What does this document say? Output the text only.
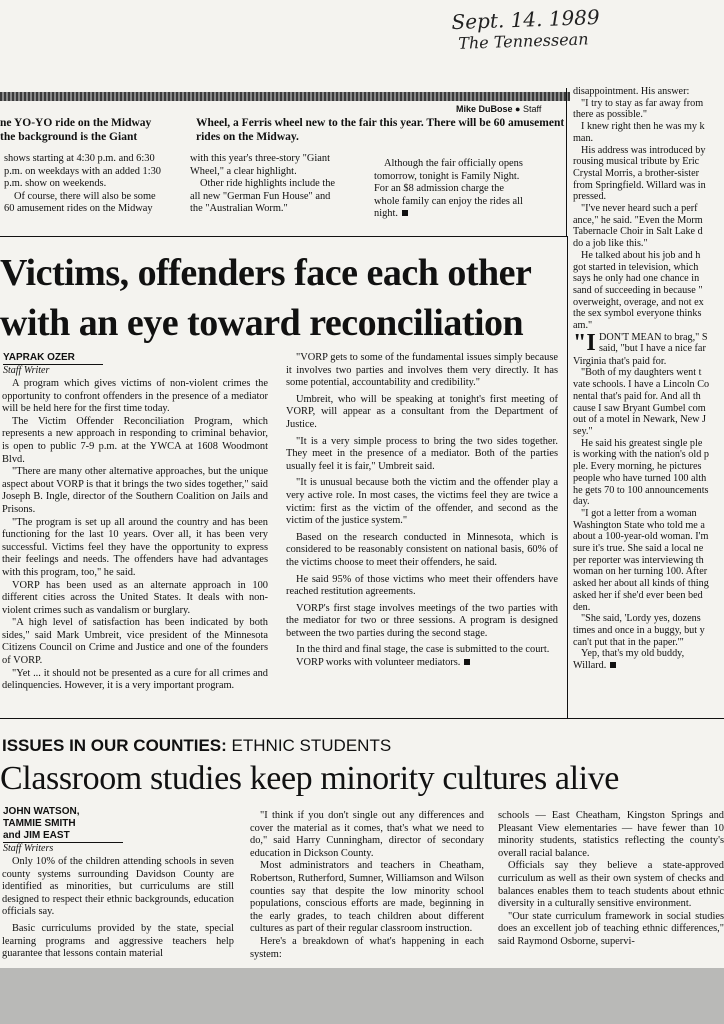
Sept. 14. 1989
The Tennessean
Mike DuBose ● Staff
ne YO-YO ride on the Midway
the background is the Giant
Wheel, a Ferris wheel new to the fair this year. There will be 60 amusement rides on the Midway.
shows starting at 4:30 p.m. and 6:30
p.m. on weekdays with an added 1:30
p.m. show on weekends.
Of course, there will also be some
60 amusement rides on the Midway
with this year's three-story "Giant
Wheel," a clear highlight.
Other ride highlights include the
all new "German Fun House" and
the "Australian Worm."
Although the fair officially opens
tomorrow, tonight is Family Night.
For an $8 admission charge the
whole family can enjoy the rides all
night.
Victims, offenders face each other
with an eye toward reconciliation
YAPRAK OZER
Staff Writer

A program which gives victims of non-violent crimes the opportunity to confront offenders in the presence of a mediator will be held here for the first time today.

The Victim Offender Reconciliation Program, which represents a new approach in responding to criminal behavior, is open to public 7-9 p.m. at the YWCA at 1608 Woodmont Blvd.

"There are many other alternative approaches, but the unique aspect about VORP is that it brings the two sides together," said Joseph B. Ingle, director of the Southern Coalition on Jails and Prisons.

"The program is set up all around the country and has been functioning for the last 10 years. Over all, it has been very successful. Victims feel they have the opportunity to express their feelings and needs. The offenders have had advantages with this program, too," he said.

VORP has been used as an alternate approach in 100 different cities across the United States. It deals with non-violent crimes such as vandalism or burglary.

"A high level of satisfaction has been indicated by both sides," said Mark Umbreit, vice president of the Minnesota Citizens Council on Crime and Justice and one of the founders of VORP.

"Yet ... it should not be presented as a cure for all crimes and delinquencies. However, it is a very important program.

"VORP gets to some of the fundamental issues simply because it involves two parties and involves them very directly. It has some potential, accountability and credibility."

Umbreit, who will be speaking at tonight's first meeting of VORP, will appear as a consultant from the Department of Justice.

"It is a very simple process to bring the two sides together. They meet in the presence of a mediator. Both of the parties usually feel it is fair," Umbreit said.

"It is unusual because both the victim and the offender play a very active role. In most cases, the victims feel they are twice a victim: first as the victim of the offender, and second as the victim of the justice system."

Based on the research conducted in Minnesota, which is considered to be reasonably consistent on national basis, 60% of the victims choose to meet their offenders, he said.

He said 95% of those victims who meet their offenders have reached restitution agreements.

VORP's first stage involves meetings of the two parties with the mediator for two or three sessions. A program is designed between the two parties during the second stage.

In the third and final stage, the case is submitted to the court.

VORP works with volunteer mediators.

disappointment. His answer:
"I try to stay as far away from
there as possible."
I knew right then he was my k
man.
His address was introduced by
rousing musical tribute by Eric
Crystal Morris, a brother-sister
from Springfield. Willard was in
pressed.
"I've never heard such a perf
ance," he said. "Even the Morm
Tabernacle Choir in Salt Lake d
do a job like this."
He talked about his job and h
got started in television, which
says he only had one chance in
sand of succeeding in because "
overweight, overage, and not ex
the sex symbol everyone thinks
am."
"I DON'T MEAN to brag," S
said, "but I have a nice far
Virginia that's paid for.
"Both of my daughters went t
vate schools. I have a Lincoln Co
nental that's paid for. And all th
cause I saw Bryant Gumbel com
out of a motel in Newark, New J
sey."
He said his greatest single ple
is working with the nation's old p
ple. Every morning, he pictures
people who have turned 100 alth
he gets 70 to 100 announcements
day.
"I got a letter from a woman
Washington State who told me a
about a 100-year-old woman. I'm
sure it's true. She said a local ne
per reporter was interviewing th
woman on her turning 100. After
asked her about all kinds of thing
asked her if she'd ever been bed
den.
"She said, 'Lordy yes, dozens
times and once in a buggy, but y
can't put that in the paper.'"
Yep, that's my old buddy,
Willard.
ISSUES IN OUR COUNTIES: ETHNIC STUDENTS
Classroom studies keep minority cultures alive
JOHN WATSON,
TAMMIE SMITH
and JIM EAST
Staff Writers

Only 10% of the children attending schools in seven county systems surrounding Davidson County are identified as minorities, but curriculums are still designed to respect their ethnic backgrounds, education officials say.

Basic curriculums provided by the state, special learning programs and aggressive teachers help guarantee that lessons contain material

"I think if you don't single out any differences and cover the material as it comes, that's what we need to do," said Harry Cunningham, director of secondary education in Dickson County.

Most administrators and teachers in Cheatham, Robertson, Rutherford, Sumner, Williamson and Wilson counties say that despite the low minority school populations, conscious efforts are made, beginning in the early grades, to teach children about different cultures as part of their regular classroom instruction.

Here's a breakdown of what's happening in each system:

schools — East Cheatham, Kingston Springs and Pleasant View elementaries — have fewer than 10 minority students, statistics reflecting the county's overall racial balance.

Officials say they believe a state-approved curriculum as well as their own system of checks and balances enables them to teach students about ethnic diversity in a culturally sensitive environment.

"Our state curriculum framework in social studies does an excellent job of teaching ethnic differences," said Raymond Osborne, supervi-
